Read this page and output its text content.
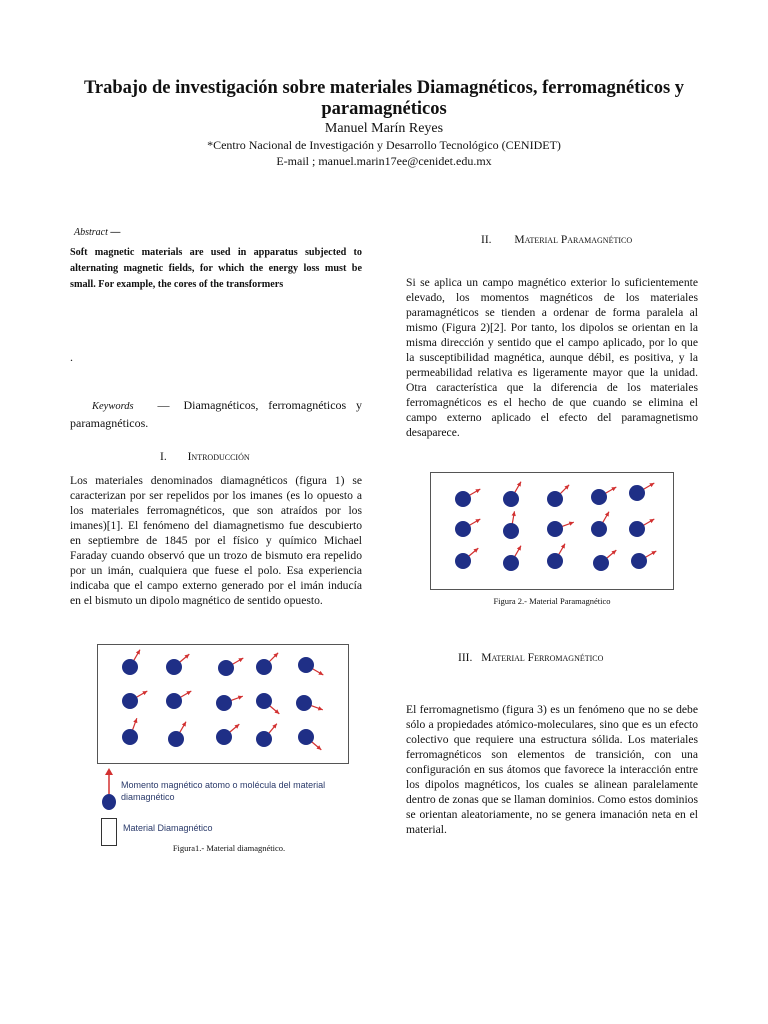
Trabajo de investigación sobre materiales Diamagnéticos, ferromagnéticos y paramagnéticos
Manuel Marín Reyes
*Centro Nacional de Investigación y Desarrollo Tecnológico (CENIDET)
E-mail ; manuel.marin17ee@cenidet.edu.mx
Abstract —
Soft magnetic materials are used in apparatus subjected to alternating magnetic fields, for which the energy loss must be small. For example, the cores of the transformers
.
Keywords — Diamagnéticos, ferromagnéticos y paramagnéticos.
I. Introducción
Los materiales denominados diamagnéticos (figura 1) se caracterizan por ser repelidos por los imanes (es lo opuesto a los materiales ferromagnéticos, que son atraídos por los imanes)[1]. El fenómeno del diamagnetismo fue descubierto en septiembre de 1845 por el físico y químico Michael Faraday cuando observó que un trozo de bismuto era repelido por un imán, cualquiera que fuese el polo. Esa experiencia indicaba que el campo externo generado por el imán inducía en el bismuto un dipolo magnético de sentido opuesto.
Momento magnético atomo o molécula del material diamagnético
Material Diamagnético
Figura1.- Material diamagnético.
II. Material Paramagnético
Si se aplica un campo magnético exterior lo suficientemente elevado, los momentos magnéticos de los materiales paramagnéticos se tienden a ordenar de forma paralela al mismo (Figura 2)[2]. Por tanto, los dipolos se orientan en la misma dirección y sentido que el campo aplicado, por lo que la susceptibilidad magnética, aunque débil, es positiva, y la permeabilidad relativa es ligeramente mayor que la unidad. Otra característica que la diferencia de los materiales ferromagnéticos es el hecho de que cuando se elimina el campo externo aplicado el efecto del paramagnetismo desaparece.
Figura 2.- Material Paramagnético
III. Material Ferromagnético
El ferromagnetismo (figura 3) es un fenómeno que no se debe sólo a propiedades atómico-moleculares, sino que es un efecto colectivo que requiere una estructura sólida. Los materiales ferromagnéticos son elementos de transición, con una configuración en sus átomos que favorece la interacción entre los dipolos magnéticos, los cuales se alinean paralelamente dentro de zonas que se llaman dominios. Como estos dominios se orientan aleatoriamente, no se genera imanación neta en el material.
